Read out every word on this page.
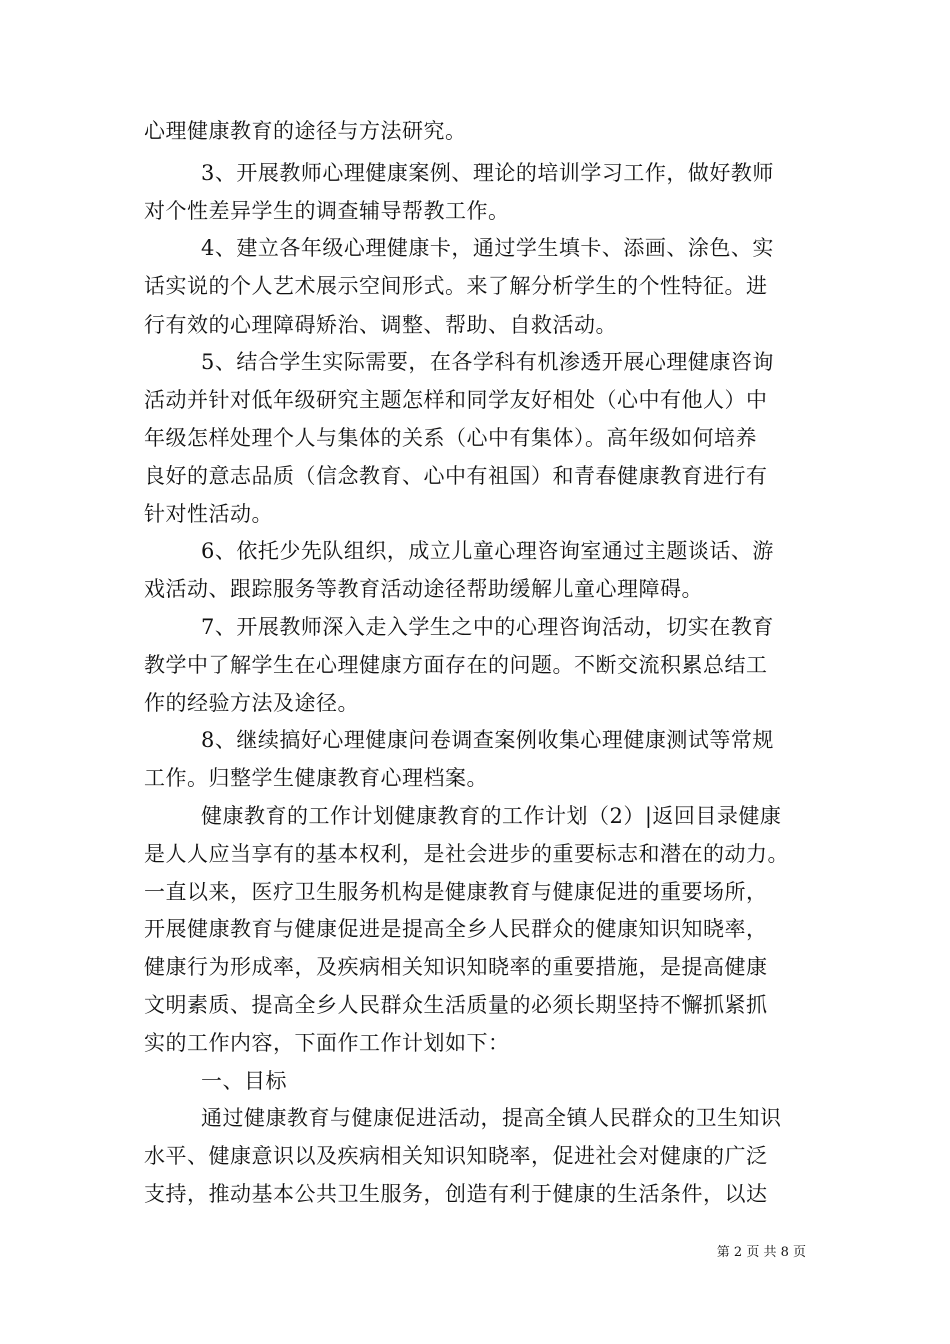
心理健康教育的途径与方法研究。
3、开展教师心理健康案例、理论的培训学习工作，做好教师
对个性差异学生的调查辅导帮教工作。
4、建立各年级心理健康卡，通过学生填卡、添画、涂色、实
话实说的个人艺术展示空间形式。来了解分析学生的个性特征。进
行有效的心理障碍矫治、调整、帮助、自救活动。
5、结合学生实际需要，在各学科有机渗透开展心理健康咨询
活动并针对低年级研究主题怎样和同学友好相处（心中有他人）中
年级怎样处理个人与集体的关系（心中有集体）。高年级如何培养
良好的意志品质（信念教育、心中有祖国）和青春健康教育进行有
针对性活动。
6、依托少先队组织，成立儿童心理咨询室通过主题谈话、游
戏活动、跟踪服务等教育活动途径帮助缓解儿童心理障碍。
7、开展教师深入走入学生之中的心理咨询活动，切实在教育
教学中了解学生在心理健康方面存在的问题。不断交流积累总结工
作的经验方法及途径。
8、继续搞好心理健康问卷调查案例收集心理健康测试等常规
工作。归整学生健康教育心理档案。
健康教育的工作计划健康教育的工作计划（2）|返回目录健康
是人人应当享有的基本权利，是社会进步的重要标志和潜在的动力。
一直以来，医疗卫生服务机构是健康教育与健康促进的重要场所，
开展健康教育与健康促进是提高全乡人民群众的健康知识知晓率，
健康行为形成率，及疾病相关知识知晓率的重要措施，是提高健康
文明素质、提高全乡人民群众生活质量的必须长期坚持不懈抓紧抓
实的工作内容，下面作工作计划如下：
一、目标
通过健康教育与健康促进活动，提高全镇人民群众的卫生知识
水平、健康意识以及疾病相关知识知晓率，促进社会对健康的广泛
支持，推动基本公共卫生服务，创造有利于健康的生活条件，以达
第 2 页 共 8 页
